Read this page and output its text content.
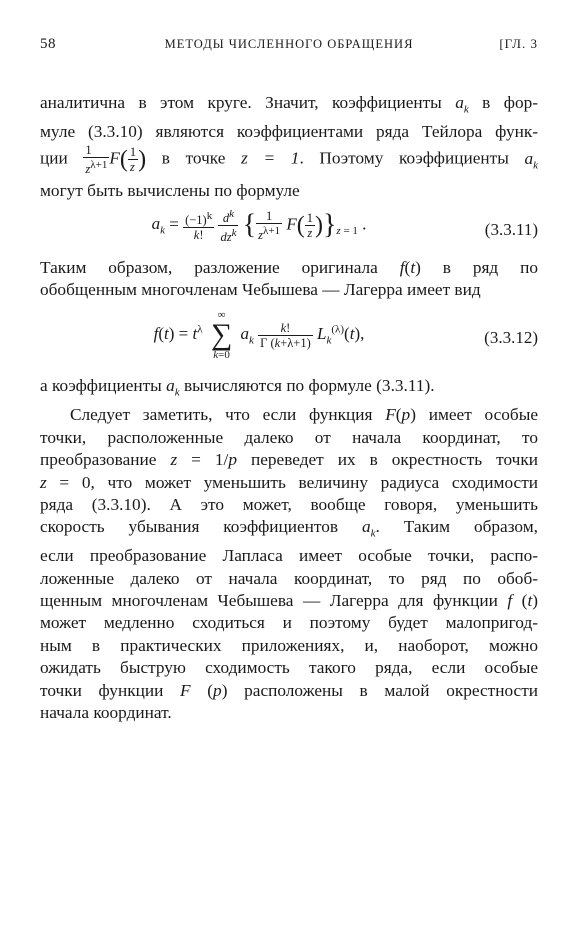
58	МЕТОДЫ ЧИСЛЕННОГО ОБРАЩЕНИЯ	[ГЛ. 3
аналитична в этом круге. Значит, коэффициенты $a_k$ в фор-
муле (3.3.10) являются коэффициентами ряда Тейлора функ-
ции $\frac{1}{z^{\lambda+1}} F( \frac{1}{z}$ ) в точке z = 1. Поэтому коэффициенты $a_k$
могут быть вычислены по формуле
$a_k = \frac{(-1)^k}{k!}$
$\frac{d^k}{dz^k}$ { $\frac{1}{z^{\lambda+1}} F( \frac{1}{z} )\}_{z = 1}$ .	(3.3.11)
Таким образом, разложение оригинала f(t) в ряд по
обобщенным многочленам Чебышева — Лагерра имеет вид
$f(t) = t^\lambda$ ∞
∑
k=0 $a_k \frac{k!}{\Gamma (k+\lambda+1)} L_k^{(\lambda)}(t)$,	(3.3.12)
а коэффициенты $a_k$ вычисляются по формуле (3.3.11).
Следует заметить, что если функция F(p) имеет особые
точки, расположенные далеко от начала координат, то
преобразование z = 1/p переведет их в окрестность точки
z = 0, что может уменьшить величину радиуса сходимости
ряда (3.3.10). А это может, вообще говоря, уменьшить
скорость убывания коэффициентов $a_k$. Таким образом,
если преобразование Лапласа имеет особые точки, распо-
ложенные далеко от начала координат, то ряд по обоб-
щенным многочленам Чебышева — Лагерра для функции f (t)
может медленно сходиться и поэтому будет малопригод-
ным в практических приложениях, и, наоборот, можно
ожидать быструю сходимость такого ряда, если особые
точки функции F (p) расположены в малой окрестности
начала координат.
